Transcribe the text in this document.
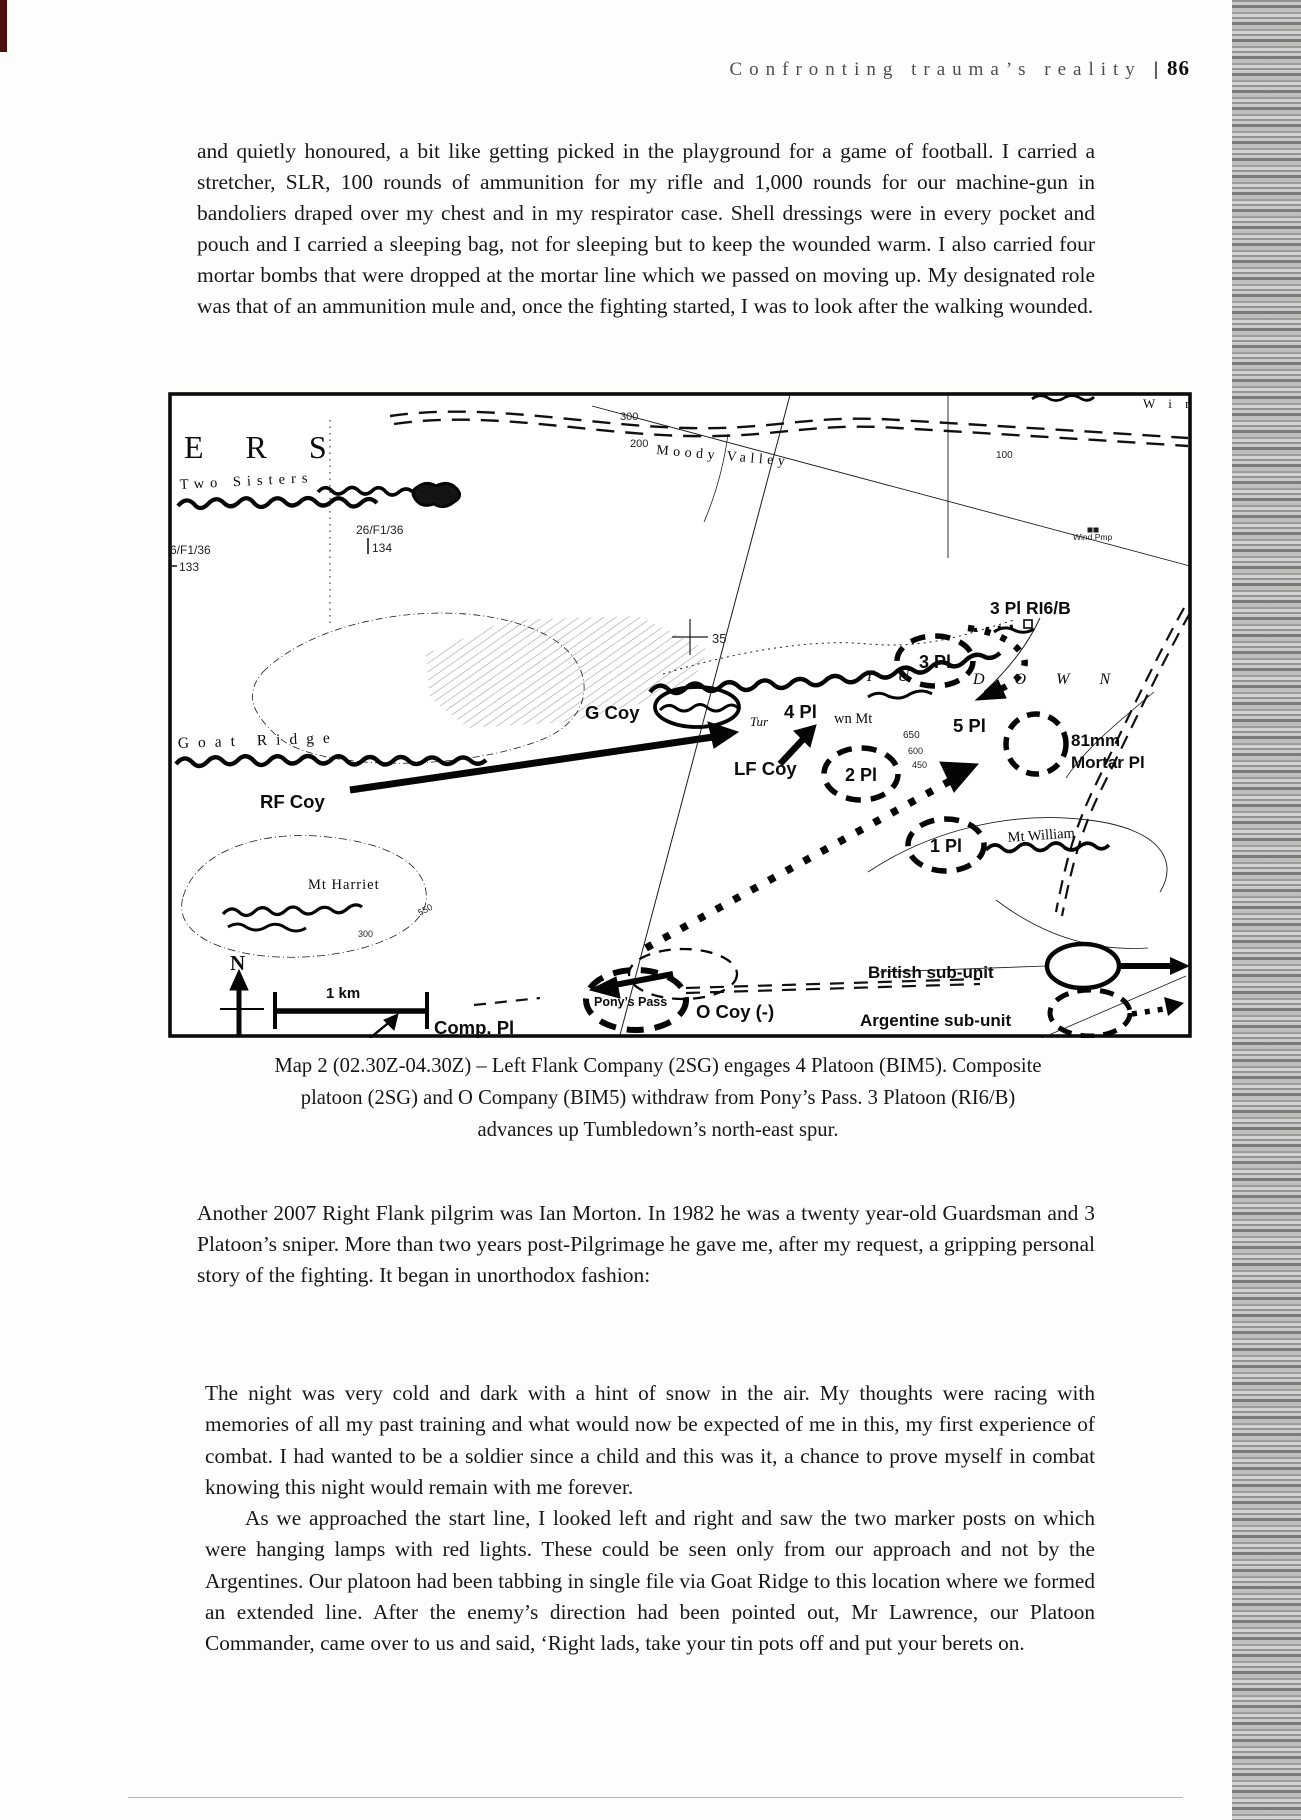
Confronting trauma’s reality | 86

and quietly honoured, a bit like getting picked in the playground for a game of football. I carried a stretcher, SLR, 100 rounds of ammunition for my rifle and 1,000 rounds for our machine-gun in bandoliers draped over my chest and in my respirator case. Shell dressings were in every pocket and pouch and I carried a sleeping bag, not for sleeping but to keep the wounded warm. I also carried four mortar bombs that were dropped at the mortar line which we passed on moving up. My designated role was that of an ammunition mule and, once the fighting started, I was to look after the walking wounded.

ERS
Two Sisters
W i r
Moody Valley
T U	D O W N
Tur	wn Mt
Mt Harriet
Mt William
Goat Ridge
N
Wind Pmp
26/F1/36
134
6/F1/36
133
300
200
100
35
650
600
450
550
300
G Coy	4 Pl
5 Pl
3 Pl
3 Pl RI6/B
LF Coy	2 Pl
1 Pl
RF Coy
81mm
Mortar Pl
Comp. Pl
Pony’s Pass O Coy (-)
British sub-unit
Argentine sub-unit
1 km
Map 2 (02.30Z-04.30Z) – Left Flank Company (2SG) engages 4 Platoon (BIM5). Composite
platoon (2SG) and O Company (BIM5) withdraw from Pony’s Pass. 3 Platoon (RI6/B)
advances up Tumbledown’s north-east spur.

Another 2007 Right Flank pilgrim was Ian Morton. In 1982 he was a twenty year-old Guardsman and 3 Platoon’s sniper. More than two years post-Pilgrimage he gave me, after my request, a gripping personal story of the fighting. It began in unorthodox fashion:

The night was very cold and dark with a hint of snow in the air. My thoughts were racing with memories of all my past training and what would now be expected of me in this, my first experience of combat. I had wanted to be a soldier since a child and this was it, a chance to prove myself in combat knowing this night would remain with me forever.

As we approached the start line, I looked left and right and saw the two marker posts on which were hanging lamps with red lights. These could be seen only from our approach and not by the Argentines. Our platoon had been tabbing in single file via Goat Ridge to this location where we formed an extended line. After the enemy’s direction had been pointed out, Mr Lawrence, our Platoon Commander, came over to us and said, ‘Right lads, take your tin pots off and put your berets on.
